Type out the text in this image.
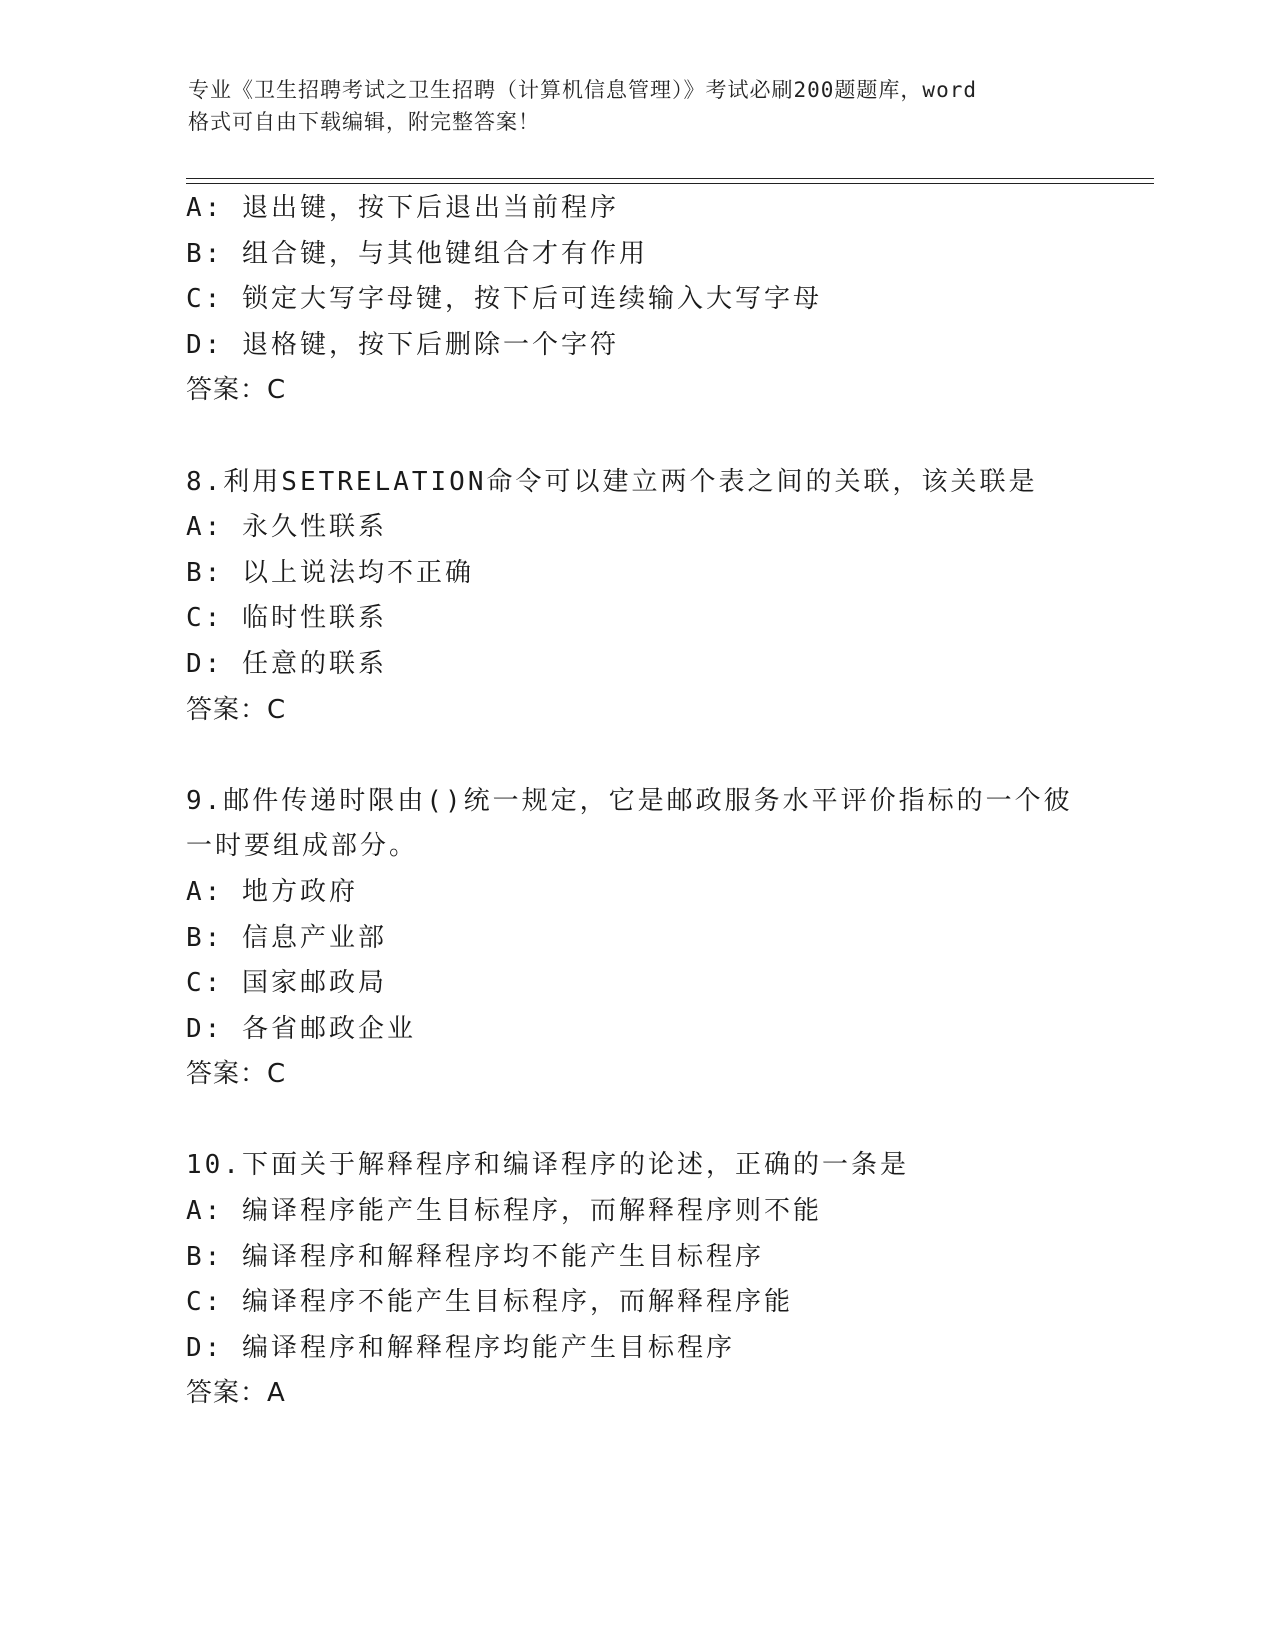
专业《卫生招聘考试之卫生招聘（计算机信息管理）》考试必刷200题题库，word
格式可自由下载编辑，附完整答案！
A: 退出键，按下后退出当前程序
B: 组合键，与其他键组合才有作用
C: 锁定大写字母键，按下后可连续输入大写字母
D: 退格键，按下后删除一个字符
答案：C
8.利用SETRELATION命令可以建立两个表之间的关联，该关联是
A: 永久性联系
B: 以上说法均不正确
C: 临时性联系
D: 任意的联系
答案：C
9.邮件传递时限由()统一规定，它是邮政服务水平评价指标的一个彼
一时要组成部分。
A: 地方政府
B: 信息产业部
C: 国家邮政局
D: 各省邮政企业
答案：C
10.下面关于解释程序和编译程序的论述，正确的一条是
A: 编译程序能产生目标程序，而解释程序则不能
B: 编译程序和解释程序均不能产生目标程序
C: 编译程序不能产生目标程序，而解释程序能
D: 编译程序和解释程序均能产生目标程序
答案：A
